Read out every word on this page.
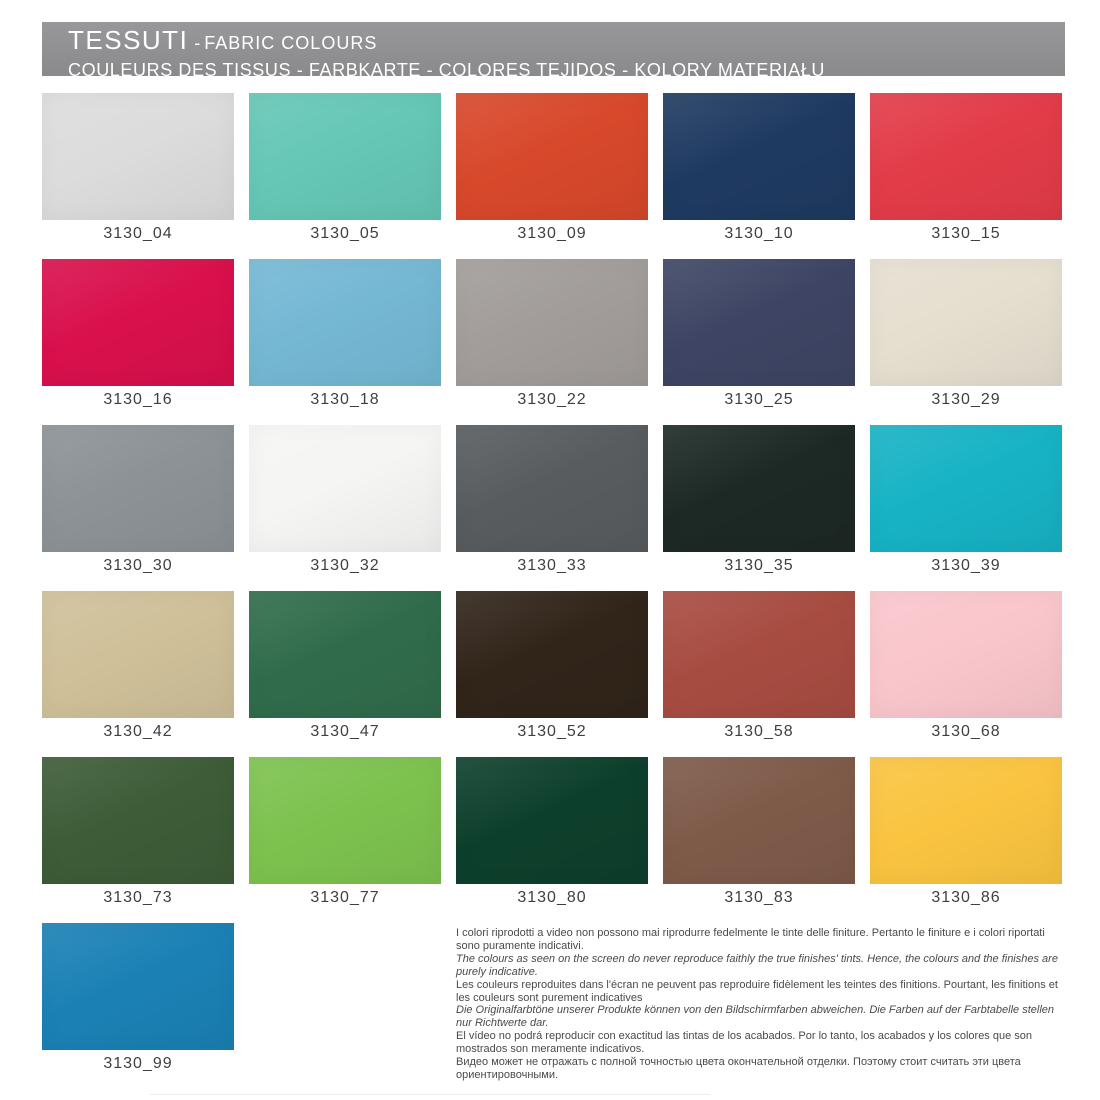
TESSUTI - FABRIC COLOURS
COULEURS DES TISSUS - FARBKARTE - COLORES TEJIDOS - KOLORY MATERIAŁU

I colori riprodotti a video non possono mai riprodurre fedelmente le tinte delle finiture. Pertanto le finiture e i colori riportati sono puramente indicativi.

The colours as seen on the screen do never reproduce faithly the true finishes' tints. Hence, the colours and the finishes are purely indicative.

Les couleurs reproduites dans l'écran ne peuvent pas reproduire fidèlement les teintes des finitions. Pourtant, les finitions et les couleurs sont purement indicatives

Die Originalfarbtöne unserer Produkte können von den Bildschirmfarben abweichen. Die Farben auf der Farbtabelle stellen nur Richtwerte dar.

El vídeo no podrá reproducir con exactitud las tintas de los acabados. Por lo tanto, los acabados y los colores que son mostrados son meramente indicativos.

Видео может не отражать с полной точностью цвета окончательной отделки. Поэтому стоит считать эти цвета ориентировочными.

3130_04	3130_05	3130_09	3130_10	3130_15
3130_16	3130_18	3130_22	3130_25	3130_29
3130_30	3130_32	3130_33	3130_35	3130_39
3130_42	3130_47	3130_52	3130_58	3130_68
3130_73	3130_77	3130_80	3130_83	3130_86
3130_99
